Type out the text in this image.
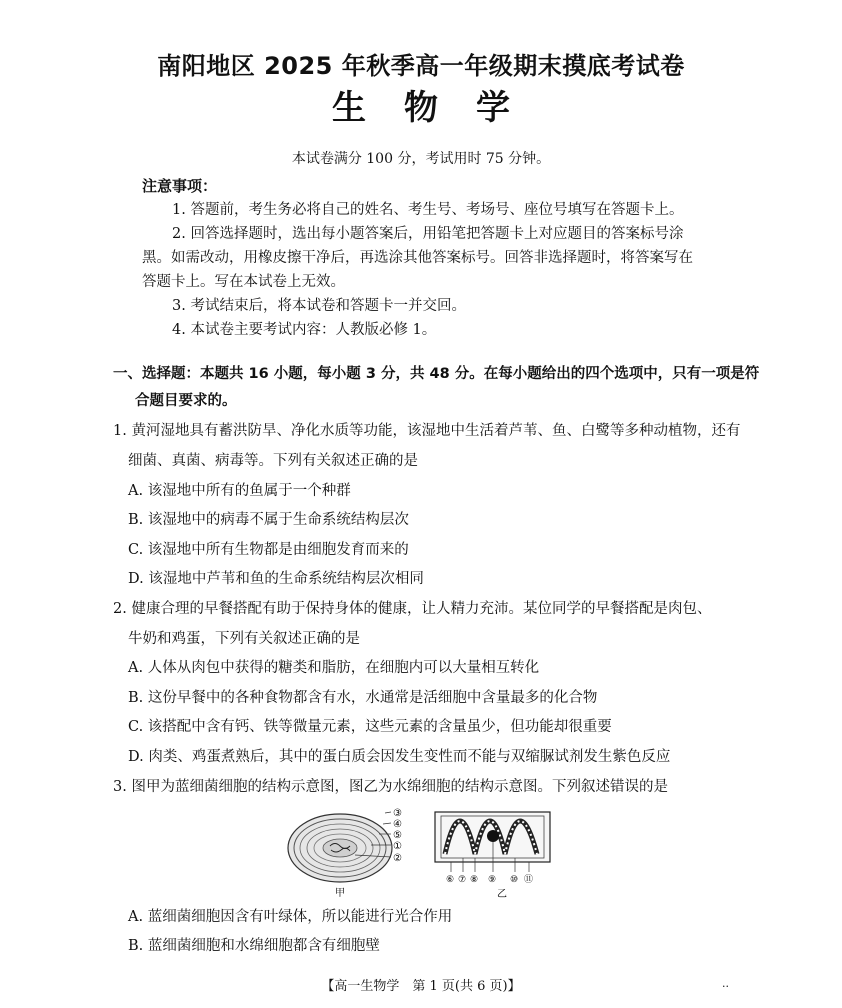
南阳地区 2025 年秋季高一年级期末摸底考试卷
生物学
本试卷满分 100 分，考试用时 75 分钟。
注意事项：
1. 答题前，考生务必将自己的姓名、考生号、考场号、座位号填写在答题卡上。
2. 回答选择题时，选出每小题答案后，用铅笔把答题卡上对应题目的答案标号涂
黑。如需改动，用橡皮擦干净后，再选涂其他答案标号。回答非选择题时，将答案写在
答题卡上。写在本试卷上无效。
3. 考试结束后，将本试卷和答题卡一并交回。
4. 本试卷主要考试内容：人教版必修 1。
一、选择题：本题共 16 小题，每小题 3 分，共 48 分。在每小题给出的四个选项中，只有一项是符
合题目要求的。
1. 黄河湿地具有蓄洪防旱、净化水质等功能，该湿地中生活着芦苇、鱼、白鹭等多种动植物，还有
细菌、真菌、病毒等。下列有关叙述正确的是
A. 该湿地中所有的鱼属于一个种群
B. 该湿地中的病毒不属于生命系统结构层次
C. 该湿地中所有生物都是由细胞发育而来的
D. 该湿地中芦苇和鱼的生命系统结构层次相同
2. 健康合理的早餐搭配有助于保持身体的健康，让人精力充沛。某位同学的早餐搭配是肉包、
牛奶和鸡蛋，下列有关叙述正确的是
A. 人体从肉包中获得的糖类和脂肪，在细胞内可以大量相互转化
B. 这份早餐中的各种食物都含有水，水通常是活细胞中含量最多的化合物
C. 该搭配中含有钙、铁等微量元素，这些元素的含量虽少，但功能却很重要
D. 肉类、鸡蛋煮熟后，其中的蛋白质会因发生变性而不能与双缩脲试剂发生紫色反应
3. 图甲为蓝细菌细胞的结构示意图，图乙为水绵细胞的结构示意图。下列叙述错误的是
③
④
⑤
①
②
甲
⑥ ⑦ ⑧ ⑨ ⑩ ⑪
乙
A. 蓝细菌细胞因含有叶绿体，所以能进行光合作用
B. 蓝细菌细胞和水绵细胞都含有细胞壁
【高一生物学　第 1 页(共 6 页)】	··
